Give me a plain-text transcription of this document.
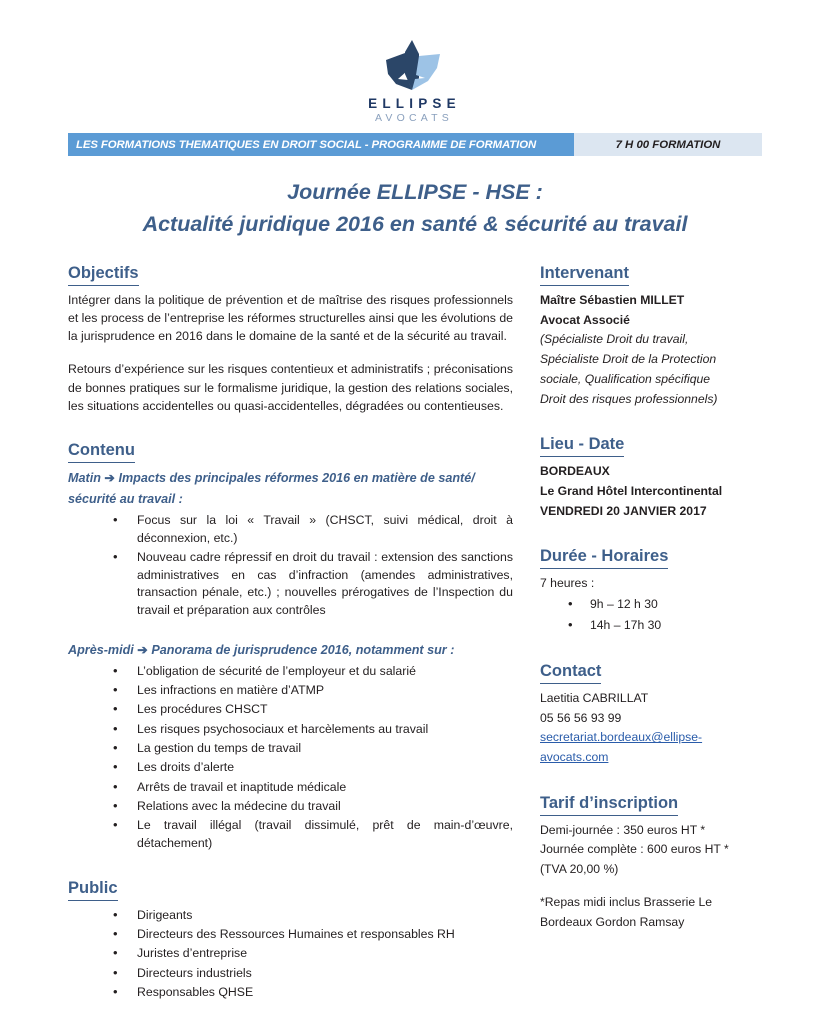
ELLIPSE
AVOCATS
LES FORMATIONS THEMATIQUES EN DROIT SOCIAL - PROGRAMME DE FORMATION	7 H 00 FORMATION
Journée ELLIPSE - HSE :
Actualité juridique 2016 en santé & sécurité au travail
Objectifs

Intégrer dans la politique de prévention et de maîtrise des risques professionnels et les process de l’entreprise les réformes structurelles ainsi que les évolutions de la jurisprudence en 2016 dans le domaine de la santé et de la sécurité au travail.

Retours d’expérience sur les risques contentieux et administratifs ; préconisations de bonnes pratiques sur le formalisme juridique, la gestion des relations sociales, les situations accidentelles ou quasi-accidentelles, dégradées ou contentieuses.

Contenu
Matin ➔ Impacts des principales réformes 2016 en matière de santé/ sécurité au travail :
• Focus sur la loi « Travail » (CHSCT, suivi médical, droit à déconnexion, etc.)
• Nouveau cadre répressif en droit du travail : extension des sanctions administratives en cas d’infraction (amendes administratives, transaction pénale, etc.) ; nouvelles prérogatives de l’Inspection du travail et préparation aux contrôles
Après-midi ➔ Panorama de jurisprudence 2016, notamment sur :
• L’obligation de sécurité de l’employeur et du salarié
• Les infractions en matière d’ATMP
• Les procédures CHSCT
• Les risques psychosociaux et harcèlements au travail
• La gestion du temps de travail
• Les droits d’alerte
• Arrêts de travail et inaptitude médicale
• Relations avec la médecine du travail
• Le travail illégal (travail dissimulé, prêt de main-d’œuvre, détachement)
Public
• Dirigeants
• Directeurs des Ressources Humaines et responsables RH
• Juristes d’entreprise
• Directeurs industriels
• Responsables QHSE
Intervenant
Maître Sébastien MILLET
Avocat Associé
(Spécialiste Droit du travail,
Spécialiste Droit de la Protection
sociale, Qualification spécifique
Droit des risques professionnels)
Lieu - Date
BORDEAUX
Le Grand Hôtel Intercontinental
VENDREDI 20 JANVIER 2017
Durée - Horaires
7 heures :
• 9h – 12 h 30
• 14h – 17h 30
Contact
Laetitia CABRILLAT
05 56 56 93 99
secretariat.bordeaux@ellipse-avocats.com
Tarif d’inscription
Demi-journée : 350 euros HT *
Journée complète : 600 euros HT *
(TVA 20,00 %)
*Repas midi inclus Brasserie Le Bordeaux Gordon Ramsay
